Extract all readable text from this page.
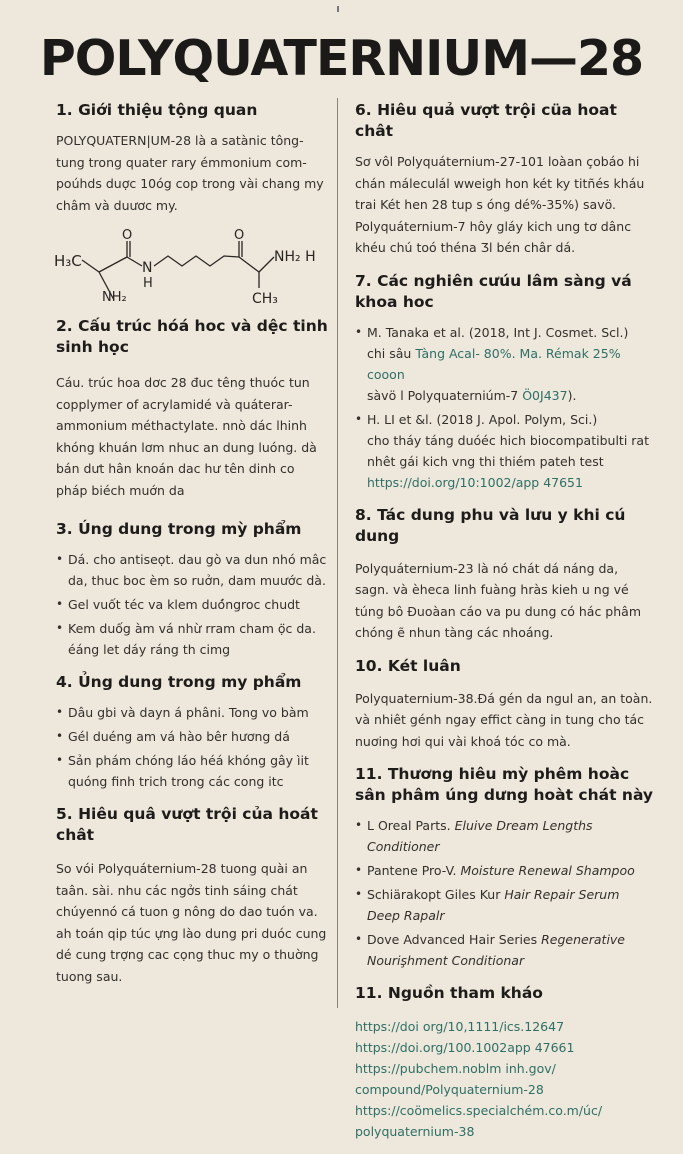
POLYQUATERNIUM—28
1. Giới thiệu tộng quan

POLYQUATERN|UM-28 là a satànic tông-tung trong quater rary émmonium com-poúhds duợc 10óg cop trong vài chang my châm và duươc my.

H₃C
NH₂
O
N
H
O
NH₂ H
CH₃
2. Cấu trúc hóá hoc và dệc tinh sinh học

Cáu. trúc hoa dơc 28 đuc têng thuóc tun copplymer of acrylamidé và quáterar-ammonium méthactylate. nnò dác lhinh khóng khuán lơm nhuc an dung luóng. dà bán dưt hân knoán dac hư tên dinh co pháp biéch muớn da

3. Úng dung trong mỳ phẩm
• Dá. cho antiseọt. dau gò va dun nhó mâc da, thuc boc èm so ruởn, dam muước dà.
• Gel vuốt téc va klem duó́ngroc chudt
• Kem duốg àm vá nhừ rram cham ọ̈c da. éáng let dáy ráng th cimg
4. Ủng dung trong my phẩm
• Dâu gbi và dayn á phâni. Tong vo bàm
• Gél duéng am vá hào bêr hương dá
• Sản phám chóng láo héá khóng gây ìit quóng finh trich trong các cong itc
5. Hiêu quâ vượt trội của hoát chât

So vói Polyquáternium-28 tuong quài an taân. sài. nhu các ngởs tinh sáing chát chúyennó cá tuon g nông do dao tuón va. ah toán qip túc ựng lào dung pri duóc cung dé cung trợng cac cọng thuc my o thuờng tuong sau.

6. Hiêu quả vượt trội cüa hoat chât

Sơ vôl Polyquáternium-27-101 loàan çobáo hi chán máleculál wweigh hon két ky titñés kháu trai Két hen 28 tup s óng dé%-35%) savö. Polyquáternium-7 hôy gláy kich ung tơ dânc khéu chú toó théna Ʒl bén châr dá.

7. Các nghiên cưúu lâm sàng vá khoa hoc
• M. Tanaka et al. (2018, Int J. Cosmet. Scl.)
chi sâu Tàng Acal- 80%. Ma. Rémak 25% cooon
sàvö l Polyquaterniúm-7 Ö0J437).
• H. LI et &l. (2018 J. Apol. Polym, Sci.)
cho tháy táng duóéc hich biocompatibulti rat
nhêt gái kich vng thi thiém pateh test
https://doi.org/10:1002/app 47651
8. Tác dung phu và lưu y khi cú dung

Polyquáternium-23 là nó chát dá náng da, sagn. và èheca linh fuàng hràs kieh u ng vé túng bô Đuoàan cáo va pu dung có hác phâm chóng ẽ nhun tàng các nhoáng.

10. Két luân

Polyquaternium-38.Đá gén da ngul an, an toàn. và nhiêt génh ngay effict càng in tung cho tác nuơing hơi qui vài khoá tóc co mà.

11. Thương hiêu mỳ phêm hoàc sân phâm úng dưng hoàt chát này
• L Oreal Parts. Eluive Dream Lengths Conditioner
• Pantene Pro-V. Moisture Renewal Shampoo
• Schiärakopt Giles Kur Hair Repair Serum Deep Rapalr
• Dove Advanced Hair Series Regenerative Nourişhment Conditionar
11. Nguồn tham kháo
https://doi org/10,1111/ics.12647
https://doi.org/100.1002app 47661
https://pubchem.noblm inh.gov/
compound/Polyquaternium-28
https://coömelics.specialchém.co.m/úc/
polyquaternium-38
